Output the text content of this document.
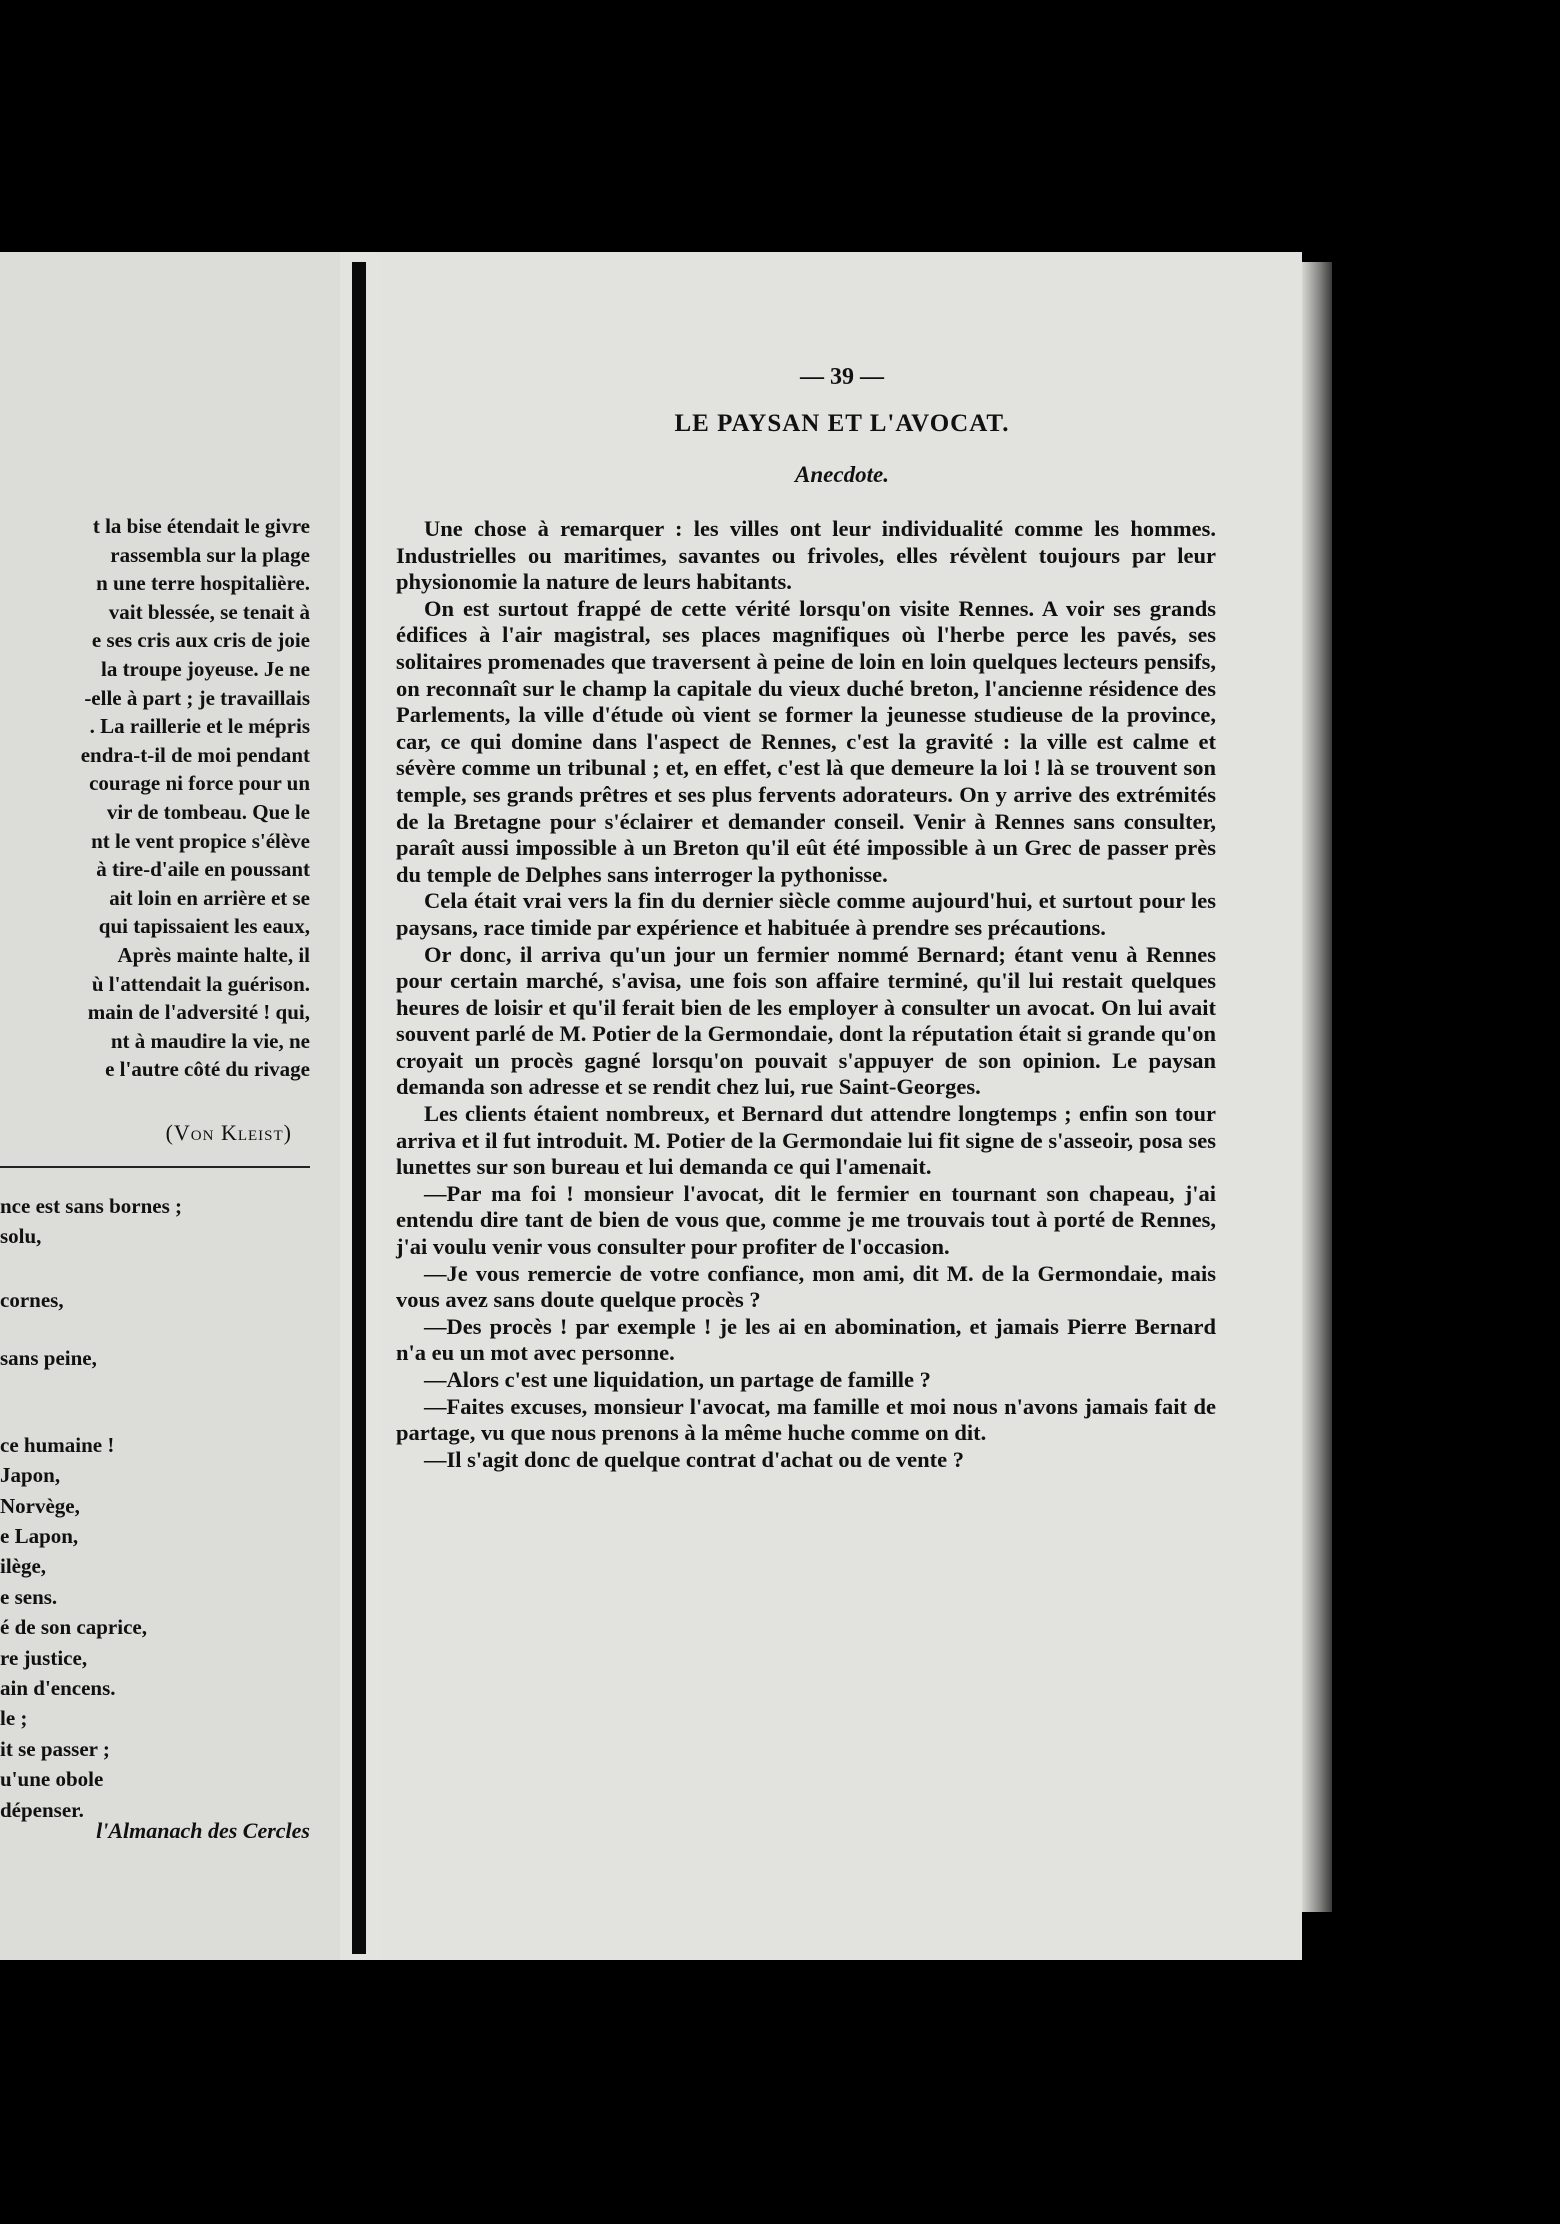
t la bise étendait le givre
rassembla sur la plage
n une terre hospitalière.
vait blessée, se tenait à
e ses cris aux cris de joie
la troupe joyeuse. Je ne
-elle à part ; je travaillais
. La raillerie et le mépris
endra-t-il de moi pendant
courage ni force pour un
vir de tombeau. Que le
nt le vent propice s'élève
à tire-d'aile en poussant
ait loin en arrière et se
qui tapissaient les eaux,
Après mainte halte, il
ù l'attendait la guérison.
main de l'adversité ! qui,
nt à maudire la vie, ne
e l'autre côté du rivage
(Von Kleist)
nce est sans bornes ;
solu,
cornes,
sans peine,
ce humaine !
Japon,
Norvège,
e Lapon,
ilège,
e sens.
é de son caprice,
re justice,
ain d'encens.
le ;
it se passer ;
u'une obole
dépenser.
l'Almanach des Cercles
— 39 —
LE PAYSAN ET L'AVOCAT.
Anecdote.

Une chose à remarquer : les villes ont leur individualité comme les hommes. Industrielles ou maritimes, savantes ou frivoles, elles révèlent toujours par leur physionomie la nature de leurs habitants.

On est surtout frappé de cette vérité lorsqu'on visite Rennes. A voir ses grands édifices à l'air magistral, ses places magnifiques où l'herbe perce les pavés, ses solitaires promenades que traversent à peine de loin en loin quelques lecteurs pensifs, on reconnaît sur le champ la capitale du vieux duché breton, l'ancienne résidence des Parlements, la ville d'étude où vient se former la jeunesse studieuse de la province, car, ce qui domine dans l'aspect de Rennes, c'est la gravité : la ville est calme et sévère comme un tribunal ; et, en effet, c'est là que demeure la loi ! là se trouvent son temple, ses grands prêtres et ses plus fervents adorateurs. On y arrive des extrémités de la Bretagne pour s'éclairer et demander conseil. Venir à Rennes sans consulter, paraît aussi impossible à un Breton qu'il eût été impossible à un Grec de passer près du temple de Delphes sans interroger la pythonisse.

Cela était vrai vers la fin du dernier siècle comme aujourd'hui, et surtout pour les paysans, race timide par expérience et habituée à prendre ses précautions.

Or donc, il arriva qu'un jour un fermier nommé Bernard; étant venu à Rennes pour certain marché, s'avisa, une fois son affaire terminé, qu'il lui restait quelques heures de loisir et qu'il ferait bien de les employer à consulter un avocat. On lui avait souvent parlé de M. Potier de la Germondaie, dont la réputation était si grande qu'on croyait un procès gagné lorsqu'on pouvait s'appuyer de son opinion. Le paysan demanda son adresse et se rendit chez lui, rue Saint-Georges.

Les clients étaient nombreux, et Bernard dut attendre longtemps ; enfin son tour arriva et il fut introduit. M. Potier de la Germondaie lui fit signe de s'asseoir, posa ses lunettes sur son bureau et lui demanda ce qui l'amenait.

—Par ma foi ! monsieur l'avocat, dit le fermier en tournant son chapeau, j'ai entendu dire tant de bien de vous que, comme je me trouvais tout à porté de Rennes, j'ai voulu venir vous consulter pour profiter de l'occasion.

—Je vous remercie de votre confiance, mon ami, dit M. de la Germondaie, mais vous avez sans doute quelque procès ?

—Des procès ! par exemple ! je les ai en abomination, et jamais Pierre Bernard n'a eu un mot avec personne.

—Alors c'est une liquidation, un partage de famille ?

—Faites excuses, monsieur l'avocat, ma famille et moi nous n'avons jamais fait de partage, vu que nous prenons à la même huche comme on dit.

—Il s'agit donc de quelque contrat d'achat ou de vente ?
